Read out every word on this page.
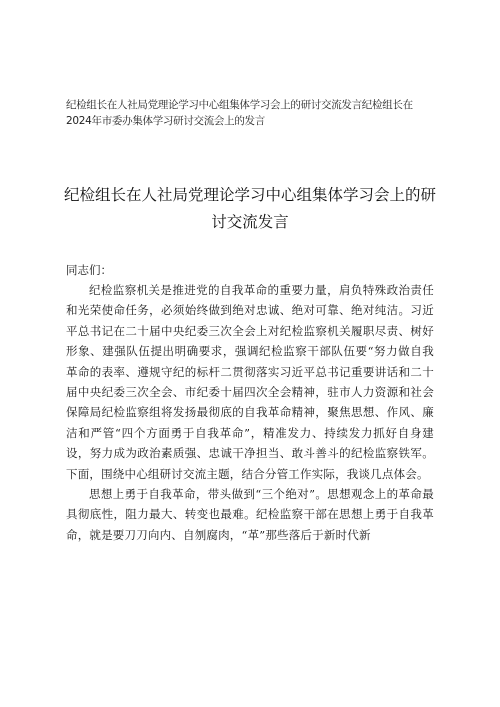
纪检组长在人社局党理论学习中心组集体学习会上的研讨交流发言纪检组长在2024年市委办集体学习研讨交流会上的发言
纪检组长在人社局党理论学习中心组集体学习会上的研讨交流发言
同志们：

纪检监察机关是推进党的自我革命的重要力量，肩负特殊政治责任和光荣使命任务，必须始终做到绝对忠诚、绝对可靠、绝对纯洁。习近平总书记在二十届中央纪委三次全会上对纪检监察机关履职尽责、树好形象、建强队伍提出明确要求，强调纪检监察干部队伍要“努力做自我革命的表率、遵规守纪的标杆二贯彻落实习近平总书记重要讲话和二十届中央纪委三次全会、市纪委十届四次全会精神，驻市人力资源和社会保障局纪检监察组将发扬最彻底的自我革命精神，聚焦思想、作风、廉洁和严管“四个方面勇于自我革命”，精准发力、持续发力抓好自身建设，努力成为政治素质强、忠诚干净担当、敢斗善斗的纪检监察铁军。下面，围绕中心组研讨交流主题，结合分管工作实际，我谈几点体会。

思想上勇于自我革命，带头做到“三个绝对”。思想观念上的革命最具彻底性，阻力最大、转变也最难。纪检监察干部在思想上勇于自我革命，就是要刀刀向内、自刎腐肉，“革”那些落后于新时代新
